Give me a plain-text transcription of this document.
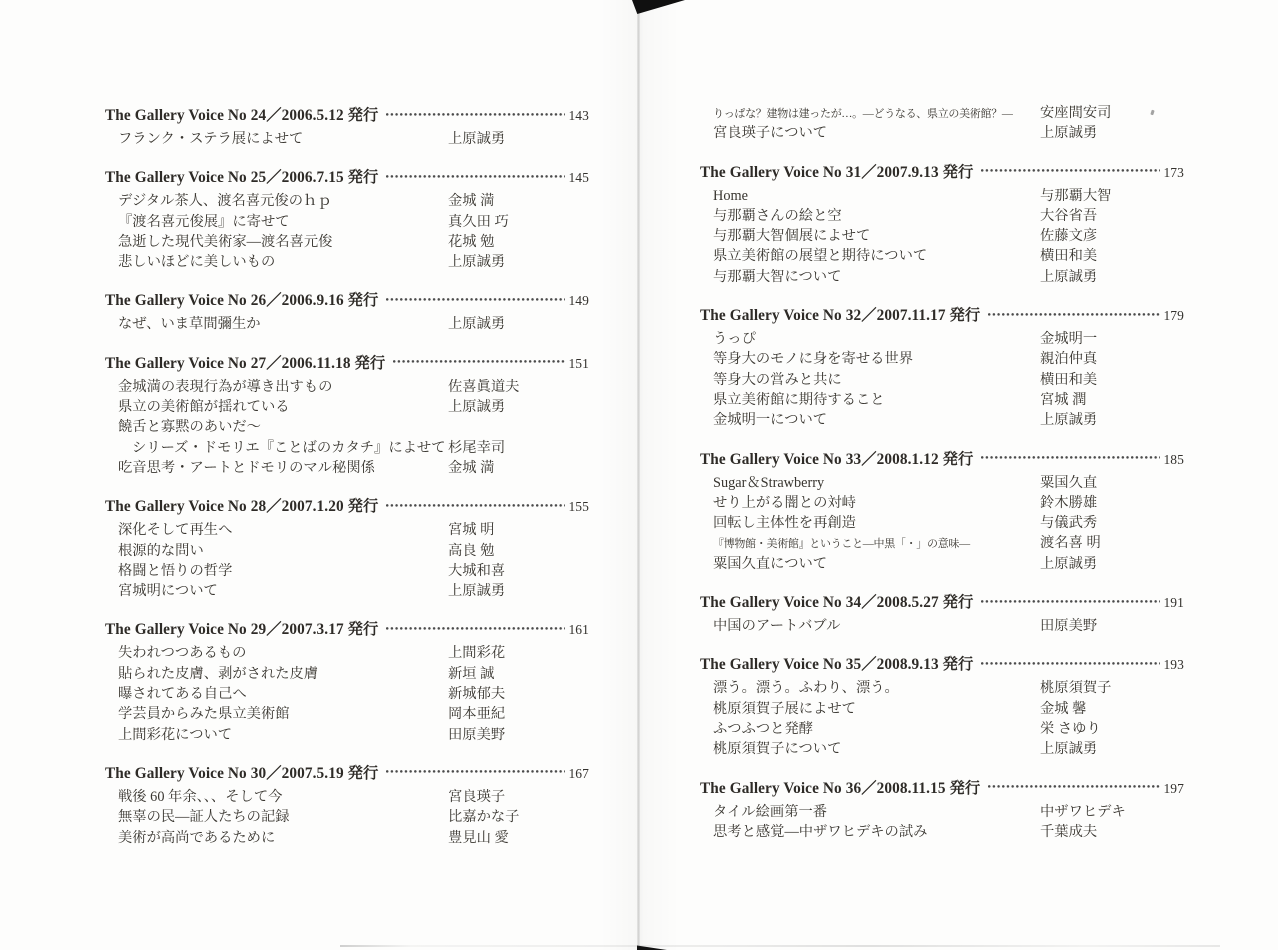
The Gallery Voice No 24／2006.5.12 発行	143
フランク・ステラ展によせて	上原誠勇
The Gallery Voice No 25／2006.7.15 発行	145
デジタル茶人、渡名喜元俊のｈｐ	金城 満
『渡名喜元俊展』に寄せて	真久田 巧
急逝した現代美術家―渡名喜元俊	花城 勉
悲しいほどに美しいもの	上原誠勇
The Gallery Voice No 26／2006.9.16 発行	149
なぜ、いま草間彌生か	上原誠勇
The Gallery Voice No 27／2006.11.18 発行	151
金城満の表現行為が導き出すもの	佐喜眞道夫
県立の美術館が揺れている	上原誠勇
饒舌と寡黙のあいだ〜
シリーズ・ドモリエ『ことばのカタチ』によせて 杉尾幸司
吃音思考・アートとドモリのマル秘関係	金城 満
The Gallery Voice No 28／2007.1.20 発行	155
深化そして再生へ	宮城 明
根源的な問い	高良 勉
格闘と悟りの哲学	大城和喜
宮城明について	上原誠勇
The Gallery Voice No 29／2007.3.17 発行	161
失われつつあるもの	上間彩花
貼られた皮膚、剥がされた皮膚	新垣 誠
曝されてある自己へ	新城郁夫
学芸員からみた県立美術館	岡本亜紀
上間彩花について	田原美野
The Gallery Voice No 30／2007.5.19 発行	167
戦後 60 年余、、、そして今	宮良瑛子
無辜の民―証人たちの記録	比嘉かな子
美術が高尚であるために	豊見山 愛
りっぱな？建物は建ったが…。―どうなる、県立の美術館？― 安座間安司
宮良瑛子について	上原誠勇
The Gallery Voice No 31／2007.9.13 発行	173
Home	与那覇大智
与那覇さんの絵と空	大谷省吾
与那覇大智個展によせて	佐藤文彦
県立美術館の展望と期待について	横田和美
与那覇大智について	上原誠勇
The Gallery Voice No 32／2007.11.17 発行	179
うっぴ	金城明一
等身大のモノに身を寄せる世界	親泊仲真
等身大の営みと共に	横田和美
県立美術館に期待すること	宮城 潤
金城明一について	上原誠勇
The Gallery Voice No 33／2008.1.12 発行	185
Sugar＆Strawberry	粟国久直
せり上がる闇との対峙	鈴木勝雄
回転し主体性を再創造	与儀武秀
『博物館・美術館』ということ―中黒「・」の意味―	渡名喜 明
粟国久直について	上原誠勇
The Gallery Voice No 34／2008.5.27 発行	191
中国のアートバブル	田原美野
The Gallery Voice No 35／2008.9.13 発行	193
漂う。漂う。ふわり、漂う。	桃原須賀子
桃原須賀子展によせて	金城 馨
ふつふつと発酵	栄 さゆり
桃原須賀子について	上原誠勇
The Gallery Voice No 36／2008.11.15 発行	197
タイル絵画第一番	中ザワヒデキ
思考と感覚―中ザワヒデキの試み	千葉成夫
